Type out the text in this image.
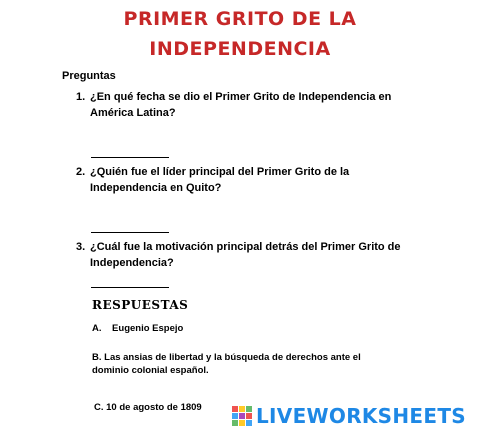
PRIMER GRITO DE LA
INDEPENDENCIA
Preguntas
1. ¿En qué fecha se dio el Primer Grito de Independencia en América Latina?
2. ¿Quién fue el líder principal del Primer Grito de la Independencia en Quito?
3. ¿Cuál fue la motivación principal detrás del Primer Grito de Independencia?
RESPUESTAS
A.    Eugenio Espejo
B. Las ansias de libertad y la búsqueda de derechos ante el dominio colonial español.
C. 10 de agosto de 1809	LIVEWORKSHEETS
